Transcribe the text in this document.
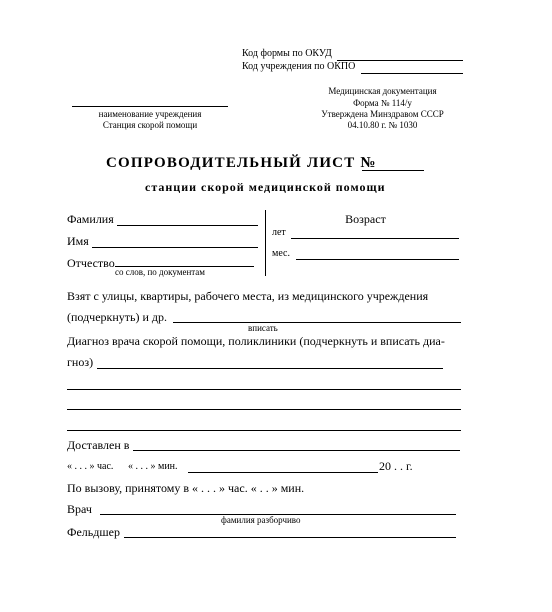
Код формы по ОКУД
Код учреждения по ОКПО
наименование учреждения
Станция скорой помощи
Медицинская документация
Форма № 114/у
Утверждена Минздравом СССР
04.10.80 г. № 1030
СОПРОВОДИТЕЛЬНЫЙ ЛИСТ №
станции скорой медицинской помощи
Фамилия
Имя
Отчество
со слов, по документам
Возраст
лет
мес.
Взят с улицы, квартиры, рабочего места, из медицинского учреждения
(подчеркнуть) и др.
вписать
Диагноз врача скорой помощи, поликлиники (подчеркнуть и вписать диа-
гноз)
Доставлен в
« . . . » час. « . . . » мин.	20 . . г.
По вызову, принятому в « . . . » час. « . . » мин.
Врач
фамилия разборчиво
Фельдшер
